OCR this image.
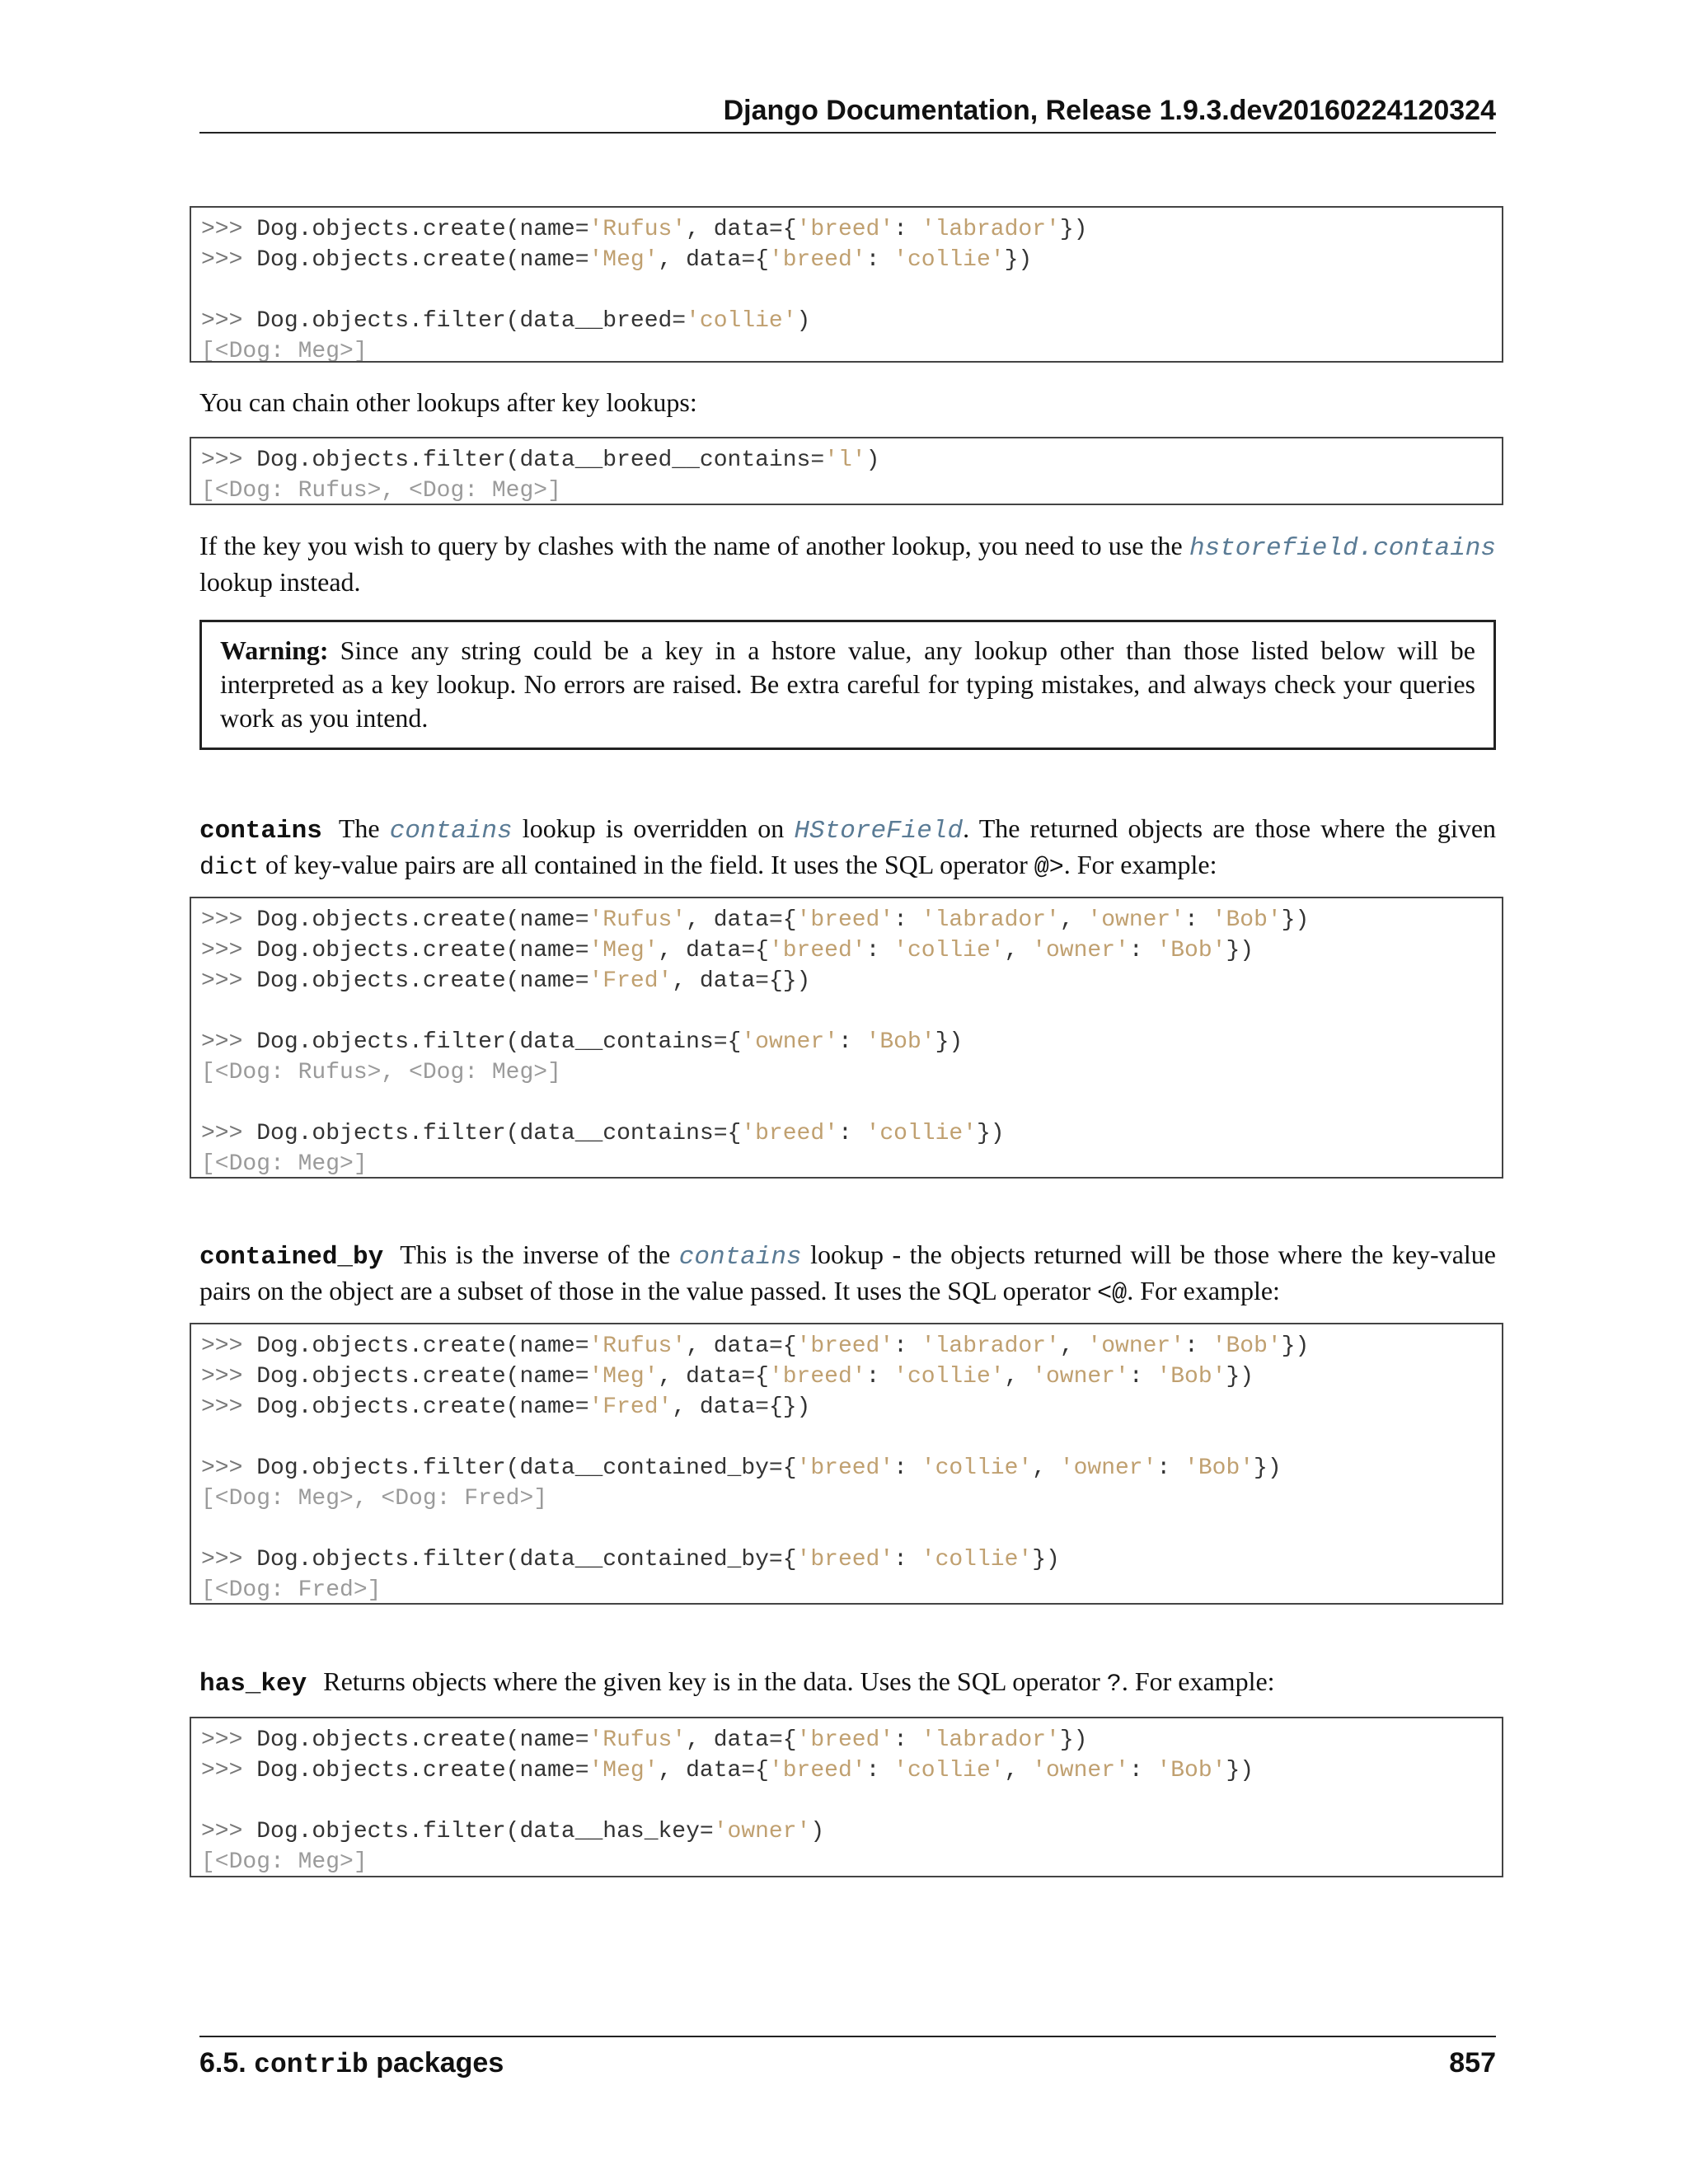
Django Documentation, Release 1.9.3.dev20160224120324
>>> Dog.objects.create(name='Rufus', data={'breed': 'labrador'})
>>> Dog.objects.create(name='Meg', data={'breed': 'collie'})

>>> Dog.objects.filter(data__breed='collie')
[<Dog: Meg>]
You can chain other lookups after key lookups:
>>> Dog.objects.filter(data__breed__contains='l')
[<Dog: Rufus>, <Dog: Meg>]
If the key you wish to query by clashes with the name of another lookup, you need to use the hstorefield.contains lookup instead.
Warning: Since any string could be a key in a hstore value, any lookup other than those listed below will be interpreted as a key lookup. No errors are raised. Be extra careful for typing mistakes, and always check your queries work as you intend.
contains The contains lookup is overridden on HStoreField. The returned objects are those where the given dict of key-value pairs are all contained in the field. It uses the SQL operator @>. For example:
>>> Dog.objects.create(name='Rufus', data={'breed': 'labrador', 'owner': 'Bob'})
>>> Dog.objects.create(name='Meg', data={'breed': 'collie', 'owner': 'Bob'})
>>> Dog.objects.create(name='Fred', data={})

>>> Dog.objects.filter(data__contains={'owner': 'Bob'})
[<Dog: Rufus>, <Dog: Meg>]

>>> Dog.objects.filter(data__contains={'breed': 'collie'})
[<Dog: Meg>]
contained_by This is the inverse of the contains lookup - the objects returned will be those where the key-value pairs on the object are a subset of those in the value passed. It uses the SQL operator <@. For example:
>>> Dog.objects.create(name='Rufus', data={'breed': 'labrador', 'owner': 'Bob'})
>>> Dog.objects.create(name='Meg', data={'breed': 'collie', 'owner': 'Bob'})
>>> Dog.objects.create(name='Fred', data={})

>>> Dog.objects.filter(data__contained_by={'breed': 'collie', 'owner': 'Bob'})
[<Dog: Meg>, <Dog: Fred>]

>>> Dog.objects.filter(data__contained_by={'breed': 'collie'})
[<Dog: Fred>]
has_key Returns objects where the given key is in the data. Uses the SQL operator ?. For example:
>>> Dog.objects.create(name='Rufus', data={'breed': 'labrador'})
>>> Dog.objects.create(name='Meg', data={'breed': 'collie', 'owner': 'Bob'})

>>> Dog.objects.filter(data__has_key='owner')
[<Dog: Meg>]
6.5. contrib packages	857
